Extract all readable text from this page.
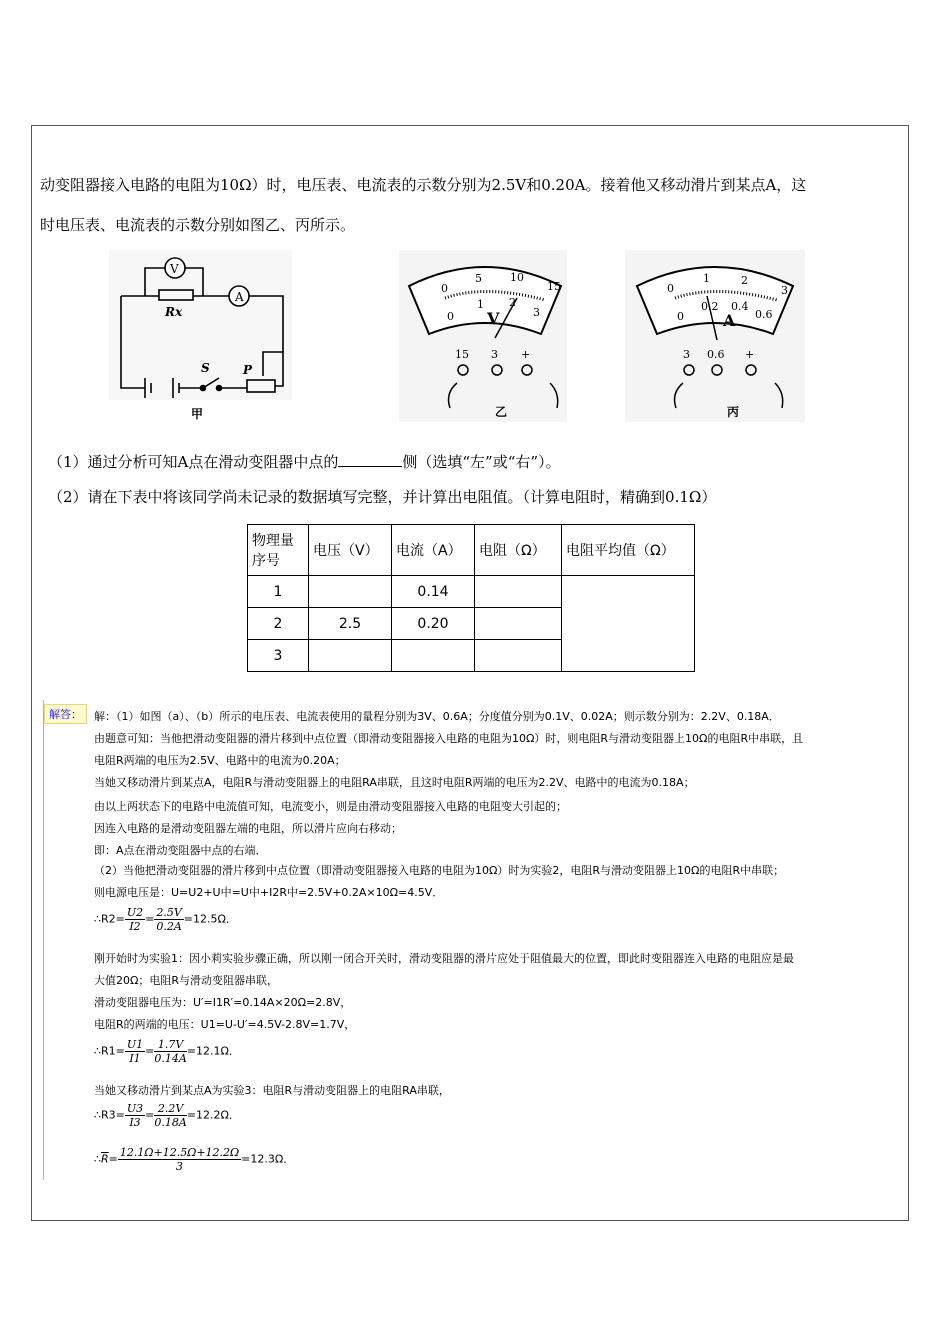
动变阻器接入电路的电阻为10Ω）时，电压表、电流表的示数分别为2.5V和0.20A。接着他又移动滑片到某点A，这
时电压表、电流表的示数分别如图乙、丙所示。
V
A
Rx
S	P
甲
0
5	10
15
0
1 2
3
V
15 3 +
乙
0
1	2
3
0
0.2 0.4
0.6
A
3 0.6 +
丙
（1）通过分析可知A点在滑动变阻器中点的	侧（选填“左”或“右”）。
（2）请在下表中将该同学尚未记录的数据填写完整，并计算出电阻值。（计算电阻时，精确到0.1Ω）
物理量
序号	电压（V）	电流（A）	电阻（Ω）	电阻平均值（Ω）
1		0.14		
2	2.5	0.20		
3				
解答：	解：（1）如图（a）、（b）所示的电压表、电流表使用的量程分别为3V、0.6A；分度值分别为0.1V、0.02A；则示数分别为：2.2V、0.18A．
由题意可知：当他把滑动变阻器的滑片移到中点位置（即滑动变阻器接入电路的电阻为10Ω）时，则电阻R与滑动变阻器上10Ω的电阻R中串联，且
电阻R两端的电压为2.5V、电路中的电流为0.20A；
当她又移动滑片到某点A，电阻R与滑动变阻器上的电阻RA串联，且这时电阻R两端的电压为2.2V、电路中的电流为0.18A；
由以上两状态下的电路中电流值可知，电流变小，则是由滑动变阻器接入电路的电阻变大引起的；
因连入电路的是滑动变阻器左端的电阻，所以滑片应向右移动；
即：A点在滑动变阻器中点的右端．
（2）当他把滑动变阻器的滑片移到中点位置（即滑动变阻器接入电路的电阻为10Ω）时为实验2，电阻R与滑动变阻器上10Ω的电阻R中串联；
则电源电压是：U=U2+U中=U中+I2R中=2.5V+0.2A×10Ω=4.5V．
∴R2= $\frac{U2}{I2} = \frac{2.5V}{0.2A} =12.5\Omega$．
刚开始时为实验1：因小莉实验步骤正确，所以刚一闭合开关时，滑动变阻器的滑片应处于阻值最大的位置，即此时变阻器连入电路的电阻应是最
大值20Ω；电阻R与滑动变阻器串联，
滑动变阻器电压为：U′=I1R′=0.14A×20Ω=2.8V，
电阻R的两端的电压：U1=U-U′=4.5V-2.8V=1.7V，
∴R1= $\frac{U1}{I1} = \frac{1.7V}{0.14A} =12.1\Omega$．
当她又移动滑片到某点A为实验3：电阻R与滑动变阻器上的电阻RA串联，
∴R3= $\frac{U3}{I3} = \frac{2.2V}{0.18A} =12.2\Omega$．
$\therefore\overline{R}= \frac{12.1\Omega+12.5\Omega+12.2\Omega}{3} =12.3\Omega$．
